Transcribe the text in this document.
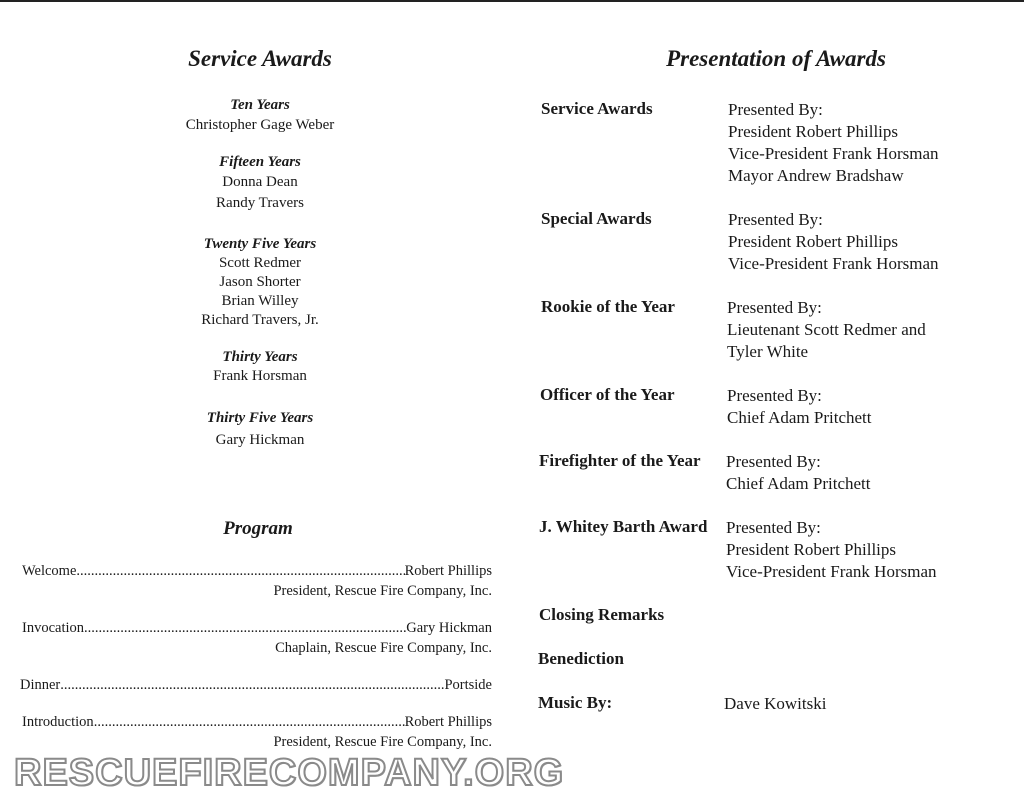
Service Awards
Ten Years
Christopher Gage Weber
Fifteen Years
Donna Dean
Randy Travers
Twenty Five Years
Scott Redmer
Jason Shorter
Brian Willey
Richard Travers, Jr.
Thirty Years
Frank Horsman
Thirty Five Years
Gary Hickman
Program
Welcome .....	Robert Phillips
President, Rescue Fire Company, Inc.
Invocation .....	Gary Hickman
Chaplain, Rescue Fire Company, Inc.
Dinner .....	Portside
Introduction .....	Robert Phillips
President, Rescue Fire Company, Inc.
Presentation of Awards
Service Awards	Presented By:
President Robert Phillips
Vice-President Frank Horsman
Mayor Andrew Bradshaw
Special Awards	Presented By:
President Robert Phillips
Vice-President Frank Horsman
Rookie of the Year	Presented By:
Lieutenant Scott Redmer and
Tyler White
Officer of the Year	Presented By:
Chief Adam Pritchett
Firefighter of the Year Presented By:
Chief Adam Pritchett
J. Whitey Barth Award Presented By:
President Robert Phillips
Vice-President Frank Horsman
Closing Remarks
Benediction
Music By:	Dave Kowitski
RESCUEFIRECOMPANY.ORG
